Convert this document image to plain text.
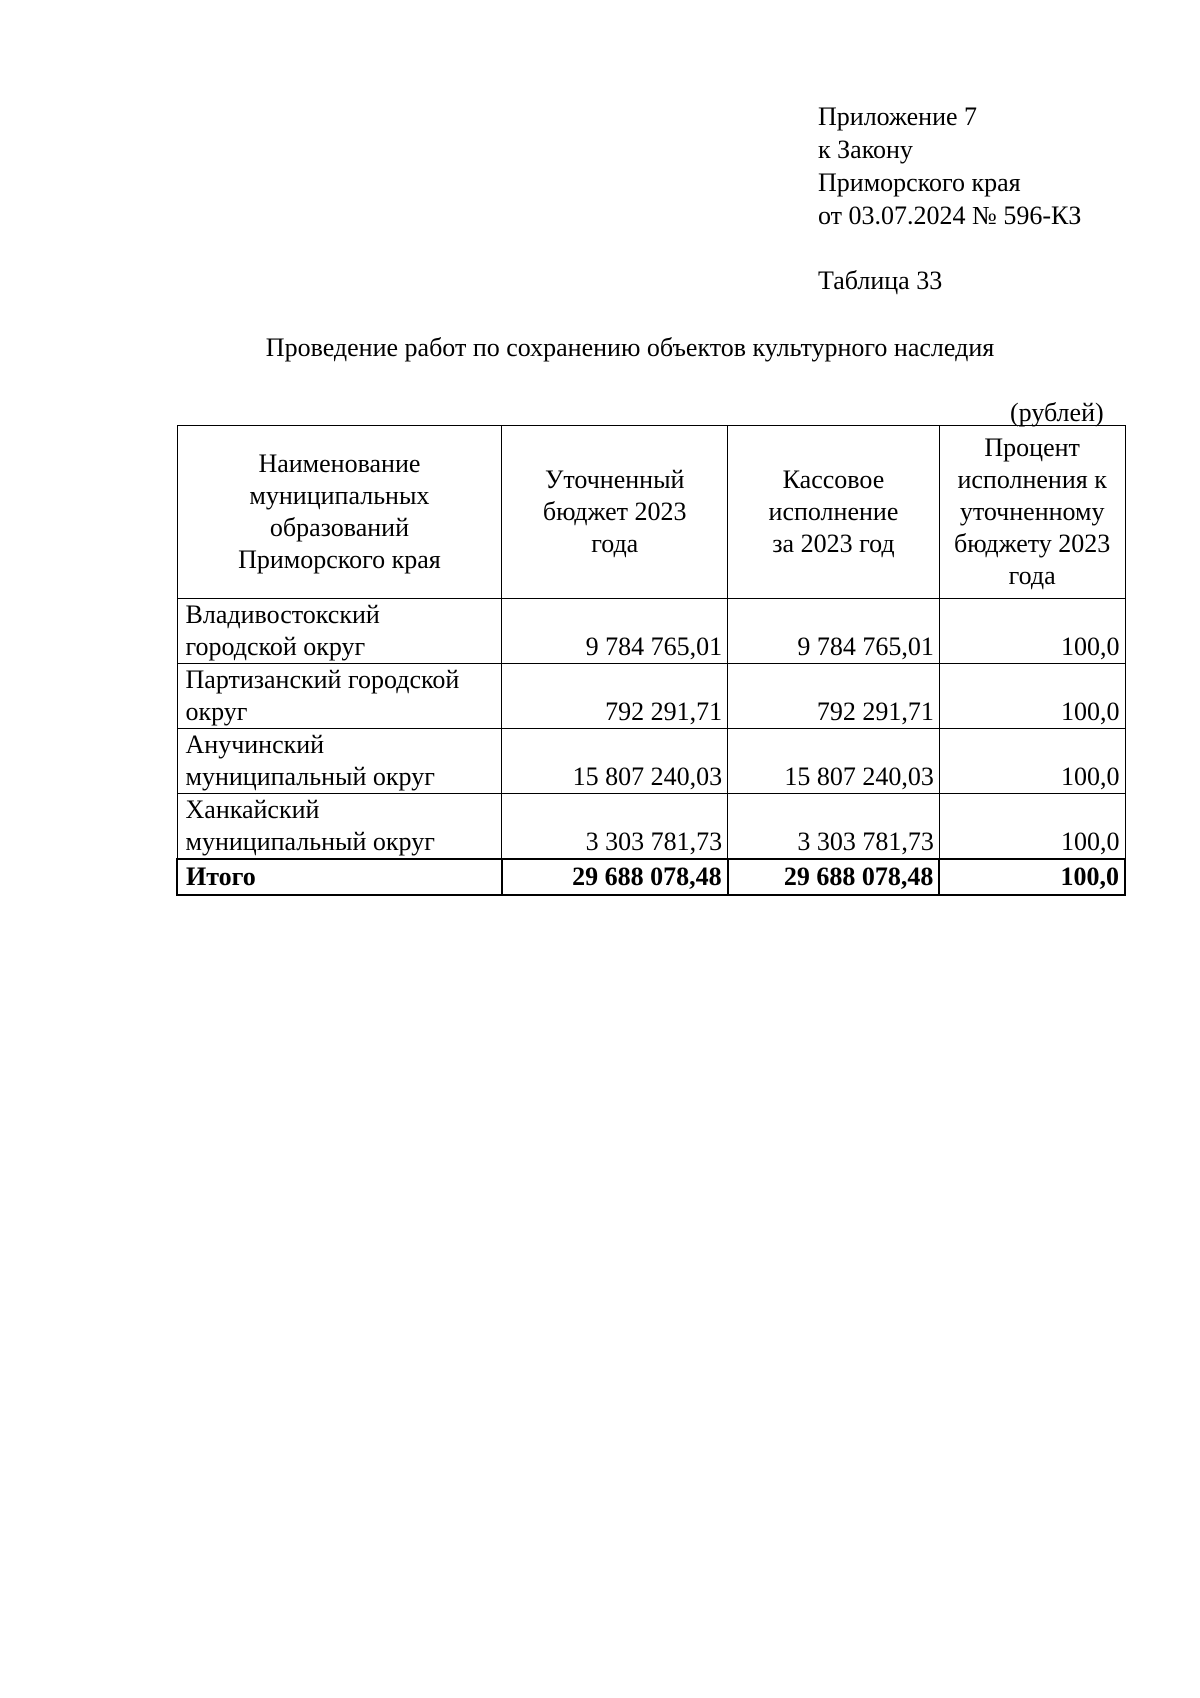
Приложение 7
к Закону
Приморского края
от 03.07.2024 № 596-КЗ
Таблица 33
Проведение работ по сохранению объектов культурного наследия
(рублей)
Наименование муниципальных образований Приморского края	Уточненный бюджет 2023 года	Кассовое исполнение за 2023 год	Процент исполнения к уточненному бюджету 2023 года
Владивостокский городской округ	9 784 765,01	9 784 765,01	100,0
Партизанский городской округ	792 291,71	792 291,71	100,0
Анучинский муниципальный округ	15 807 240,03	15 807 240,03	100,0
Ханкайский муниципальный округ	3 303 781,73	3 303 781,73	100,0
Итого	29 688 078,48	29 688 078,48	100,0
